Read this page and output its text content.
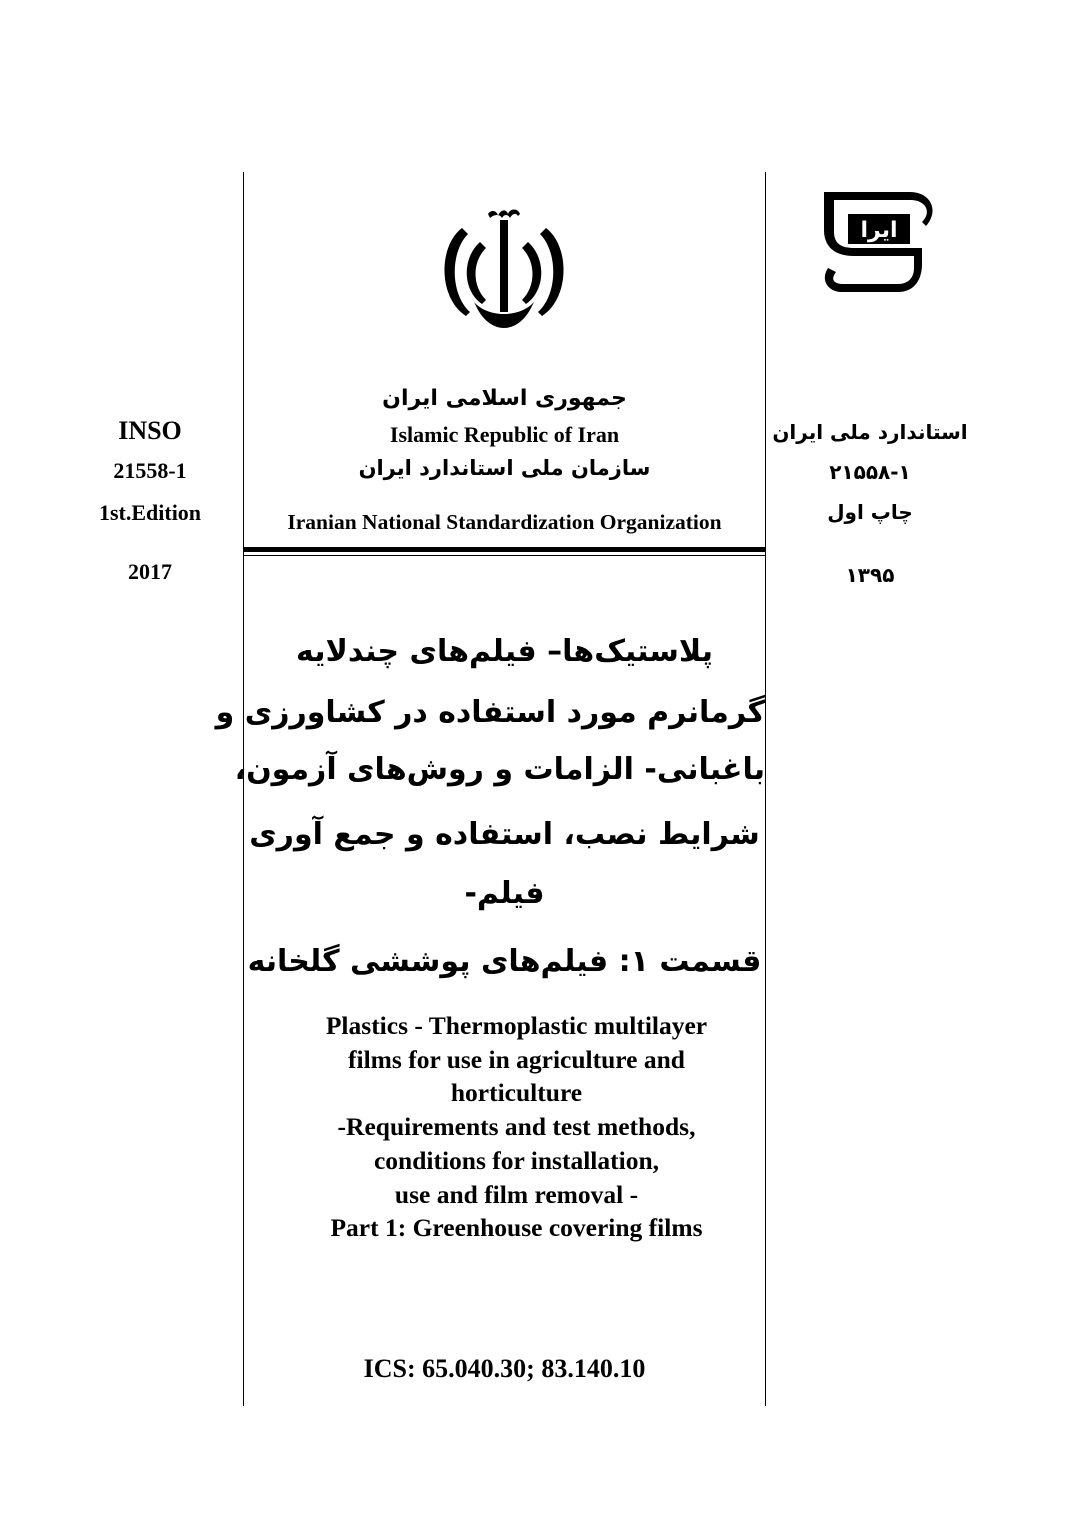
ایرا
جمهوری اسلامی ایران
Islamic Republic of Iran
سازمان ملی استاندارد ایران
Iranian National Standardization Organization
INSO
21558-1
1st.Edition
2017
استاندارد ملی ایران
۲۱۵۵۸-۱
چاپ اول
۱۳۹۵
پلاستیک‌ها– فیلم‌های چندلایه
گرمانرم مورد استفاده در کشاورزی و
باغبانی- الزامات و روش‌های آزمون،
شرایط نصب، استفاده و جمع آوری
فیلم-
قسمت ۱: فیلم‌های پوششی گلخانه
Plastics - Thermoplastic multilayer
films for use in agriculture and
horticulture
-Requirements and test methods,
conditions for installation,
use and film removal -
Part 1: Greenhouse covering films
ICS: 65.040.30; 83.140.10
